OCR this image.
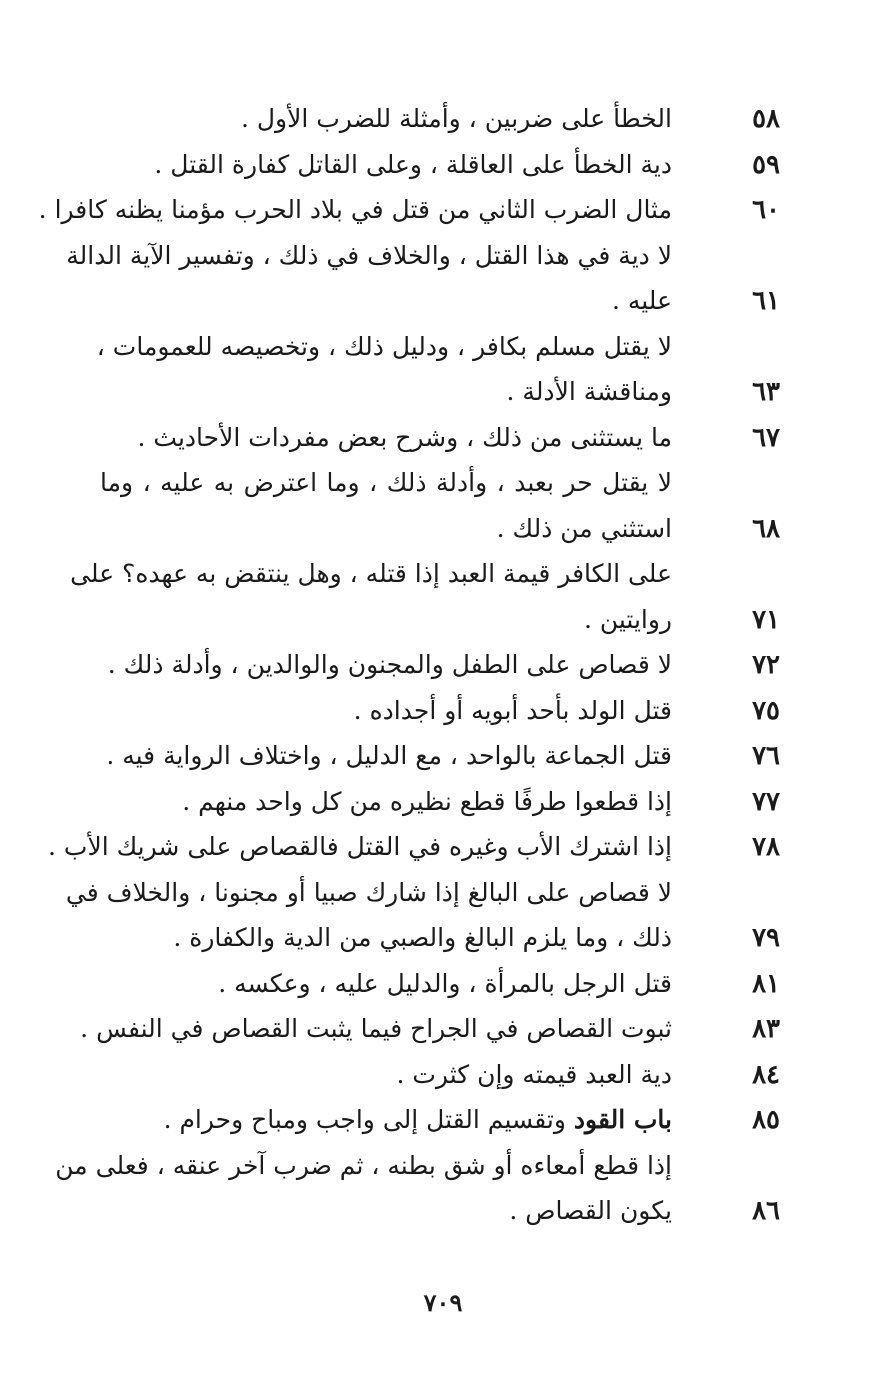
٥٨
الخطأ على ضربين ، وأمثلة للضرب الأول .
٥٩
دية الخطأ على العاقلة ، وعلى القاتل كفارة القتل .
٦٠
مثال الضرب الثاني من قتل في بلاد الحرب مؤمنا يظنه كافرا .
لا دية في هذا القتل ، والخلاف في ذلك ، وتفسير الآية الدالة
٦١
عليه .
لا يقتل مسلم بكافر ، ودليل ذلك ، وتخصيصه للعمومات ،
٦٣
ومناقشة الأدلة .
٦٧
ما يستثنى من ذلك ، وشرح بعض مفردات الأحاديث .
لا يقتل حر بعبد ، وأدلة ذلك ، وما اعترض به عليه ، وما
٦٨
استثني من ذلك .
على الكافر قيمة العبد إذا قتله ، وهل ينتقض به عهده؟ على
٧١
روايتين .
٧٢
لا قصاص على الطفل والمجنون والوالدين ، وأدلة ذلك .
٧٥
قتل الولد بأحد أبويه أو أجداده .
٧٦
قتل الجماعة بالواحد ، مع الدليل ، واختلاف الرواية فيه .
٧٧
إذا قطعوا طرفًا قطع نظيره من كل واحد منهم .
٧٨
إذا اشترك الأب وغيره في القتل فالقصاص على شريك الأب .
لا قصاص على البالغ إذا شارك صبيا أو مجنونا ، والخلاف في
٧٩
ذلك ، وما يلزم البالغ والصبي من الدية والكفارة .
٨١
قتل الرجل بالمرأة ، والدليل عليه ، وعكسه .
٨٣
ثبوت القصاص في الجراح فيما يثبت القصاص في النفس .
٨٤
دية العبد قيمته وإن كثرت .
٨٥
باب القود وتقسيم القتل إلى واجب ومباح وحرام .
إذا قطع أمعاءه أو شق بطنه ، ثم ضرب آخر عنقه ، فعلى من
٨٦
يكون القصاص .
٧٠٩
